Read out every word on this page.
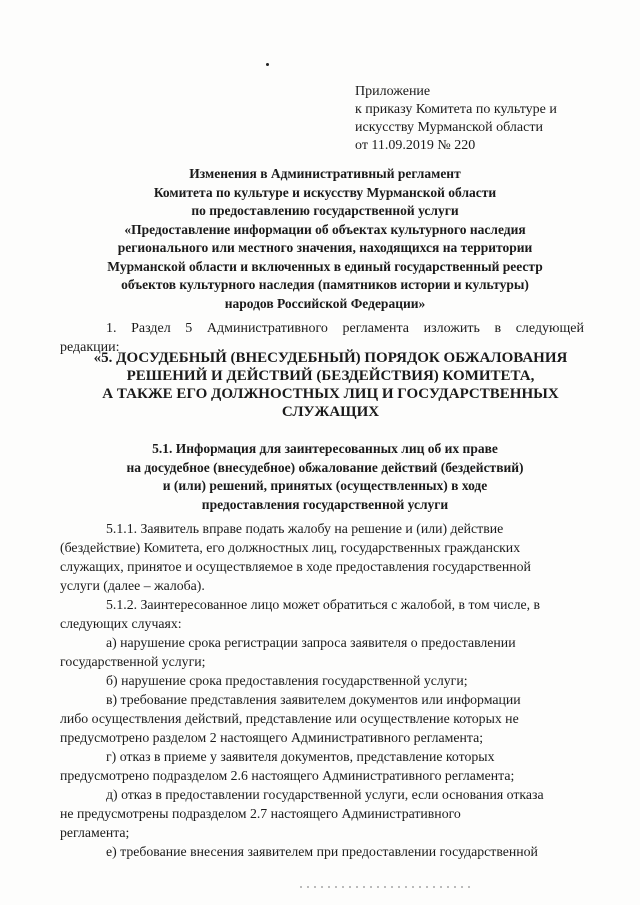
Приложение
к приказу Комитета по культуре и
искусству Мурманской области
от 11.09.2019 № 220
Изменения в Административный регламент
Комитета по культуре и искусству Мурманской области
по предоставлению государственной услуги
«Предоставление информации об объектах культурного наследия
регионального или местного значения, находящихся на территории
Мурманской области и включенных в единый государственный реестр
объектов культурного наследия (памятников истории и культуры)
народов Российской Федерации»
1. Раздел 5 Административного регламента изложить в следующей
редакции:
«5. ДОСУДЕБНЫЙ (ВНЕСУДЕБНЫЙ) ПОРЯДОК ОБЖАЛОВАНИЯ
РЕШЕНИЙ И ДЕЙСТВИЙ (БЕЗДЕЙСТВИЯ) КОМИТЕТА,
А ТАКЖЕ ЕГО ДОЛЖНОСТНЫХ ЛИЦ И ГОСУДАРСТВЕННЫХ
СЛУЖАЩИХ
5.1. Информация для заинтересованных лиц об их праве
на досудебное (внесудебное) обжалование действий (бездействий)
и (или) решений, принятых (осуществленных) в ходе
предоставления государственной услуги
5.1.1. Заявитель вправе подать жалобу на решение и (или) действие
(бездействие) Комитета, его должностных лиц, государственных гражданских
служащих, принятое и осуществляемое в ходе предоставления государственной
услуги (далее – жалоба).
5.1.2. Заинтересованное лицо может обратиться с жалобой, в том числе, в
следующих случаях:
а) нарушение срока регистрации запроса заявителя о предоставлении
государственной услуги;
б) нарушение срока предоставления государственной услуги;
в) требование представления заявителем документов или информации
либо осуществления действий, представление или осуществление которых не
предусмотрено разделом 2 настоящего Административного регламента;
г) отказ в приеме у заявителя документов, представление которых
предусмотрено подразделом 2.6 настоящего Административного регламента;
д) отказ в предоставлении государственной услуги, если основания отказа
не предусмотрены подразделом 2.7 настоящего Административного
регламента;
е) требование внесения заявителем при предоставлении государственной
